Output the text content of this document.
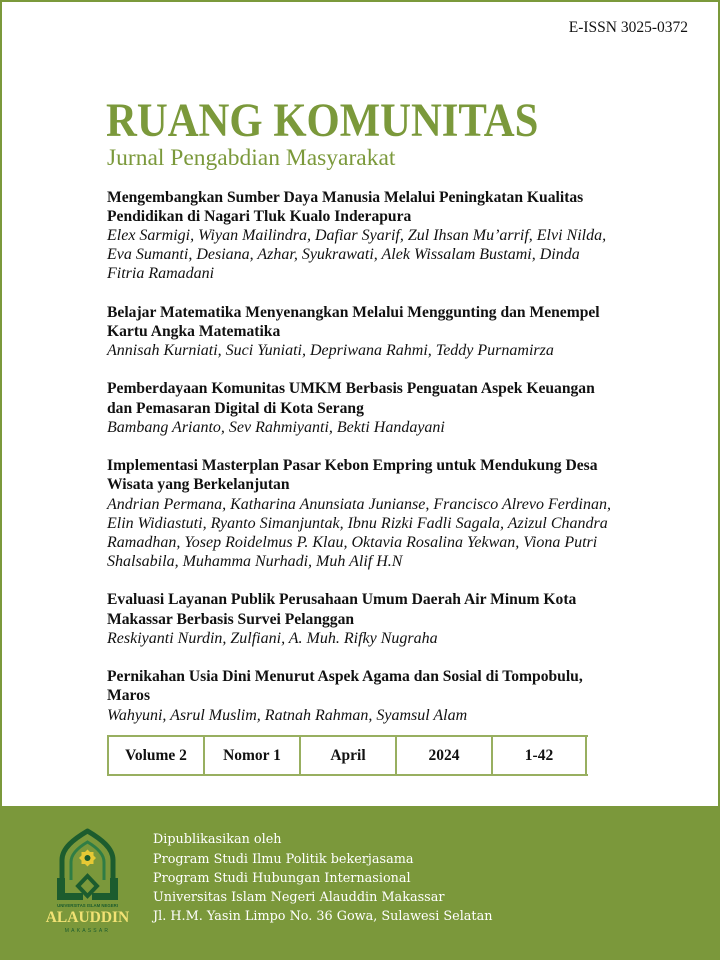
E-ISSN 3025-0372
RUANG KOMUNITAS
Jurnal Pengabdian Masyarakat
Mengembangkan Sumber Daya Manusia Melalui Peningkatan Kualitas
Pendidikan di Nagari Tluk Kualo Inderapura
Elex Sarmigi, Wiyan Mailindra, Dafiar Syarif, Zul Ihsan Mu’arrif, Elvi Nilda,
Eva Sumanti, Desiana, Azhar, Syukrawati, Alek Wissalam Bustami, Dinda
Fitria Ramadani
Belajar Matematika Menyenangkan Melalui Menggunting dan Menempel
Kartu Angka Matematika
Annisah Kurniati, Suci Yuniati, Depriwana Rahmi, Teddy Purnamirza
Pemberdayaan Komunitas UMKM Berbasis Penguatan Aspek Keuangan
dan Pemasaran Digital di Kota Serang
Bambang Arianto, Sev Rahmiyanti, Bekti Handayani
Implementasi Masterplan Pasar Kebon Empring untuk Mendukung Desa
Wisata yang Berkelanjutan
Andrian Permana, Katharina Anunsiata Junianse, Francisco Alrevo Ferdinan,
Elin Widiastuti, Ryanto Simanjuntak, Ibnu Rizki Fadli Sagala, Azizul Chandra
Ramadhan, Yosep Roidelmus P. Klau, Oktavia Rosalina Yekwan, Viona Putri
Shalsabila, Muhamma Nurhadi, Muh Alif H.N
Evaluasi Layanan Publik Perusahaan Umum Daerah Air Minum Kota
Makassar Berbasis Survei Pelanggan
Reskiyanti Nurdin, Zulfiani, A. Muh. Rifky Nugraha
Pernikahan Usia Dini Menurut Aspek Agama dan Sosial di Tompobulu,
Maros
Wahyuni, Asrul Muslim, Ratnah Rahman, Syamsul Alam
Volume 2	Nomor 1	April	2024	1-42
UNIVERSITAS ISLAM NEGERI
ALAUDDIN
MAKASSAR
Dipublikasikan oleh
Program Studi Ilmu Politik bekerjasama
Program Studi Hubungan Internasional
Universitas Islam Negeri Alauddin Makassar
Jl. H.M. Yasin Limpo No. 36 Gowa, Sulawesi Selatan
